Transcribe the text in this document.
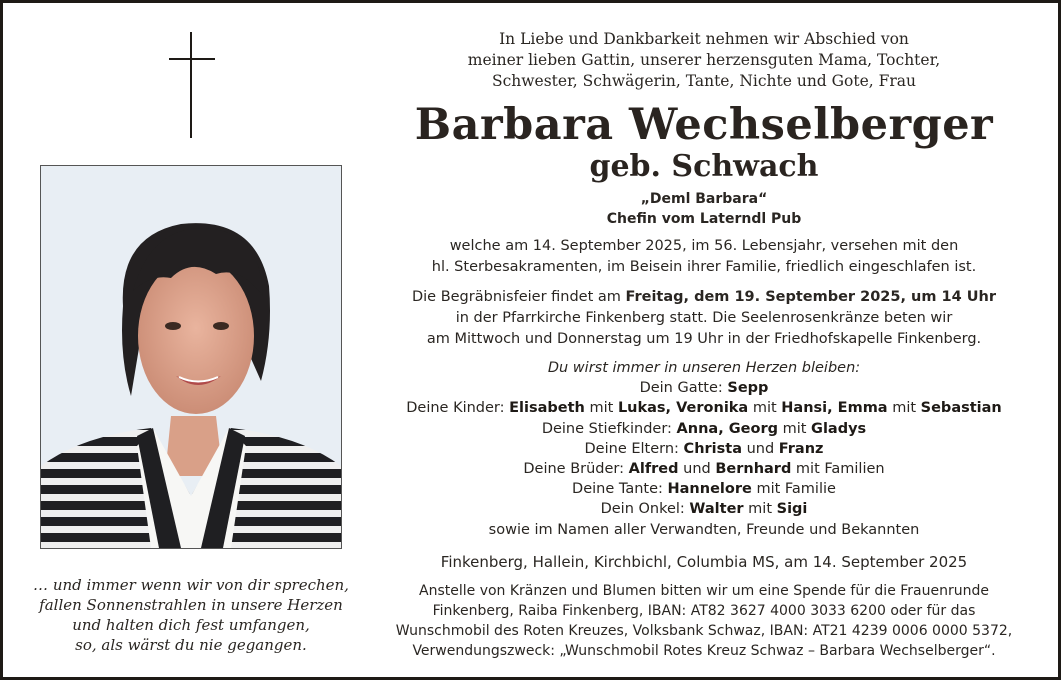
… und immer wenn wir von dir sprechen,
fallen Sonnenstrahlen in unsere Herzen
und halten dich fest umfangen,
so, als wärst du nie gegangen.
In Liebe und Dankbarkeit nehmen wir Abschied von
meiner lieben Gattin, unserer herzensguten Mama, Tochter,
Schwester, Schwägerin, Tante, Nichte und Gote, Frau
Barbara Wechselberger
geb. Schwach
„Deml Barbara“
Chefin vom Laterndl Pub
welche am 14. September 2025, im 56. Lebensjahr, versehen mit den
hl. Sterbesakramenten, im Beisein ihrer Familie, friedlich eingeschlafen ist.
Die Begräbnisfeier findet am Freitag, dem 19. September 2025, um 14 Uhr
in der Pfarrkirche Finkenberg statt. Die Seelenrosenkränze beten wir
am Mittwoch und Donnerstag um 19 Uhr in der Friedhofskapelle Finkenberg.
Du wirst immer in unseren Herzen bleiben:
Dein Gatte: Sepp
Deine Kinder: Elisabeth mit Lukas, Veronika mit Hansi, Emma mit Sebastian
Deine Stiefkinder: Anna, Georg mit Gladys
Deine Eltern: Christa und Franz
Deine Brüder: Alfred und Bernhard mit Familien
Deine Tante: Hannelore mit Familie
Dein Onkel: Walter mit Sigi
sowie im Namen aller Verwandten, Freunde und Bekannten
Finkenberg, Hallein, Kirchbichl, Columbia MS, am 14. September 2025
Anstelle von Kränzen und Blumen bitten wir um eine Spende für die Frauenrunde
Finkenberg, Raiba Finkenberg, IBAN: AT82 3627 4000 3033 6200 oder für das
Wunschmobil des Roten Kreuzes, Volksbank Schwaz, IBAN: AT21 4239 0006 0000 5372,
Verwendungszweck: „Wunschmobil Rotes Kreuz Schwaz – Barbara Wechselberger“.
